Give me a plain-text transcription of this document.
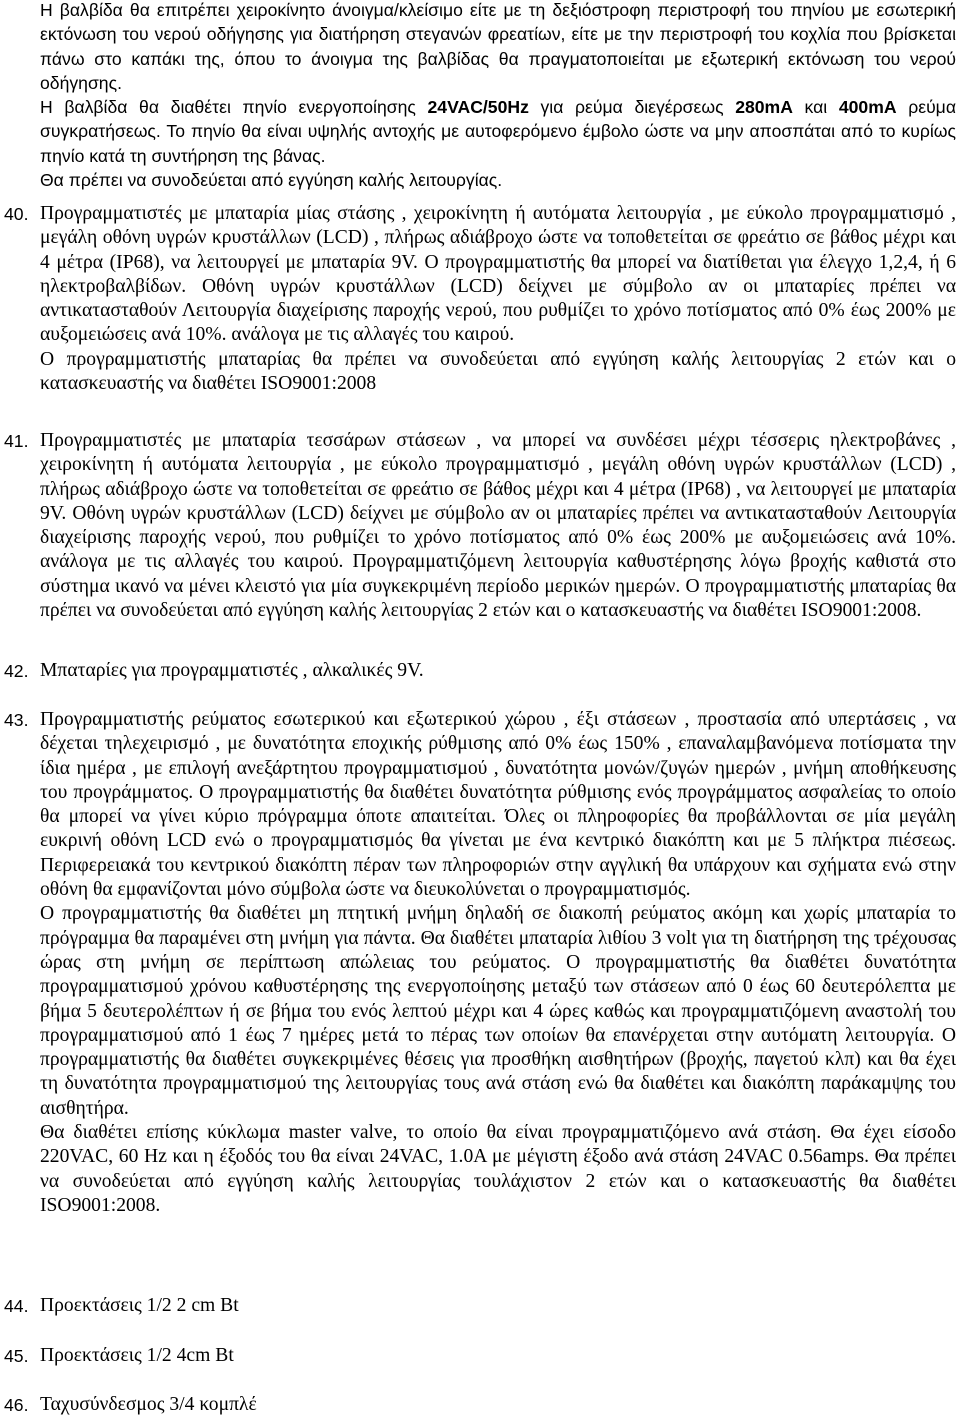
Η βαλβίδα θα επιτρέπει χειροκίνητο άνοιγμα/κλείσιμο είτε με τη δεξιόστροφη περιστροφή του πηνίου με εσωτερική εκτόνωση του νερού οδήγησης για διατήρηση στεγανών φρεατίων, είτε με την περιστροφή του κοχλία που βρίσκεται πάνω στο καπάκι της, όπου το άνοιγμα της βαλβίδας θα πραγματοποιείται με εξωτερική εκτόνωση του νερού οδήγησης.

Η βαλβίδα θα διαθέτει πηνίο ενεργοποίησης 24VAC/50Hz για ρεύμα διεγέρσεως 280mA και 400mA ρεύμα συγκρατήσεως. Το πηνίο θα είναι υψηλής αντοχής με αυτοφερόμενο έμβολο ώστε να μην αποσπάται από το κυρίως πηνίο κατά τη συντήρηση της βάνας.

Θα πρέπει να συνοδεύεται από εγγύηση καλής λειτουργίας.

40. Προγραμματιστές με μπαταρία μίας στάσης , χειροκίνητη ή αυτόματα λειτουργία , με εύκολο προγραμματισμό , μεγάλη οθόνη υγρών κρυστάλλων (LCD) , πλήρως αδιάβροχο ώστε να τοποθετείται σε φρεάτιο σε βάθος μέχρι και 4 μέτρα (IP68), να λειτουργεί με μπαταρία 9V. Ο προγραμματιστής θα μπορεί να διατίθεται για έλεγχο 1,2,4, ή 6 ηλεκτροβαλβίδων. Οθόνη υγρών κρυστάλλων (LCD) δείχνει με σύμβολο αν οι μπαταρίες πρέπει να αντικατασταθούν Λειτουργία διαχείρισης παροχής νερού, που ρυθμίζει το χρόνο ποτίσματος από 0% έως 200% με αυξομειώσεις ανά 10%. ανάλογα με τις αλλαγές του καιρού.

Ο προγραμματιστής μπαταρίας θα πρέπει να συνοδεύεται από εγγύηση καλής λειτουργίας 2 ετών και ο κατασκευαστής να διαθέτει ISO9001:2008

41. Προγραμματιστές με μπαταρία τεσσάρων στάσεων , να μπορεί να συνδέσει μέχρι τέσσερις ηλεκτροβάνες , χειροκίνητη ή αυτόματα λειτουργία , με εύκολο προγραμματισμό , μεγάλη οθόνη υγρών κρυστάλλων (LCD) , πλήρως αδιάβροχο ώστε να τοποθετείται σε φρεάτιο σε βάθος μέχρι και 4 μέτρα (IP68) , να λειτουργεί με μπαταρία 9V. Οθόνη υγρών κρυστάλλων (LCD) δείχνει με σύμβολο αν οι μπαταρίες πρέπει να αντικατασταθούν Λειτουργία διαχείρισης παροχής νερού, που ρυθμίζει το χρόνο ποτίσματος από 0% έως 200% με αυξομειώσεις ανά 10%. ανάλογα με τις αλλαγές του καιρού. Προγραμματιζόμενη λειτουργία καθυστέρησης λόγω βροχής καθιστά στο σύστημα ικανό να μένει κλειστό για μία συγκεκριμένη περίοδο μερικών ημερών. Ο προγραμματιστής μπαταρίας θα πρέπει να συνοδεύεται από εγγύηση καλής λειτουργίας 2 ετών και ο κατασκευαστής να διαθέτει ISO9001:2008.

42. Μπαταρίες για προγραμματιστές , αλκαλικές 9V.

43. Προγραμματιστής ρεύματος εσωτερικού και εξωτερικού χώρου , έξι στάσεων , προστασία από υπερτάσεις , να δέχεται τηλεχειρισμό , με δυνατότητα εποχικής ρύθμισης από 0% έως 150% , επαναλαμβανόμενα ποτίσματα την ίδια ημέρα , με επιλογή ανεξάρτητου προγραμματισμού , δυνατότητα μονών/ζυγών ημερών , μνήμη αποθήκευσης του προγράμματος. Ο προγραμματιστής θα διαθέτει δυνατότητα ρύθμισης ενός προγράμματος ασφαλείας το οποίο θα μπορεί να γίνει κύριο πρόγραμμα όποτε απαιτείται. Όλες οι πληροφορίες θα προβάλλονται σε μία μεγάλη ευκρινή οθόνη LCD ενώ ο προγραμματισμός θα γίνεται με ένα κεντρικό διακόπτη και με 5 πλήκτρα πιέσεως. Περιφερειακά του κεντρικού διακόπτη πέραν των πληροφοριών στην αγγλική θα υπάρχουν και σχήματα ενώ στην οθόνη θα εμφανίζονται μόνο σύμβολα ώστε να διευκολύνεται ο προγραμματισμός.

Ο προγραμματιστής θα διαθέτει μη πτητική μνήμη δηλαδή σε διακοπή ρεύματος ακόμη και χωρίς μπαταρία το πρόγραμμα θα παραμένει στη μνήμη για πάντα. Θα διαθέτει μπαταρία λιθίου 3 volt για τη διατήρηση της τρέχουσας ώρας στη μνήμη σε περίπτωση απώλειας του ρεύματος. Ο προγραμματιστής θα διαθέτει δυνατότητα προγραμματισμού χρόνου καθυστέρησης της ενεργοποίησης μεταξύ των στάσεων από 0 έως 60 δευτερόλεπτα με βήμα 5 δευτερολέπτων ή σε βήμα του ενός λεπτού μέχρι και 4 ώρες καθώς και προγραμματιζόμενη αναστολή του προγραμματισμού από 1 έως 7 ημέρες μετά το πέρας των οποίων θα επανέρχεται στην αυτόματη λειτουργία. Ο προγραμματιστής θα διαθέτει συγκεκριμένες θέσεις για προσθήκη αισθητήρων (βροχής, παγετού κλπ) και θα έχει τη δυνατότητα προγραμματισμού της λειτουργίας τους ανά στάση ενώ θα διαθέτει και διακόπτη παράκαμψης του αισθητήρα.

Θα διαθέτει επίσης κύκλωμα master valve, το οποίο θα είναι προγραμματιζόμενο ανά στάση. Θα έχει είσοδο 220VAC, 60 Hz και η έξοδός του θα είναι 24VAC, 1.0A με μέγιστη έξοδο ανά στάση 24VAC 0.56amps. Θα πρέπει να συνοδεύεται από εγγύηση καλής λειτουργίας τουλάχιστον 2 ετών και ο κατασκευαστής θα διαθέτει ISO9001:2008.

44. Προεκτάσεις 1/2 2 cm Bt

45. Προεκτάσεις 1/2 4cm Bt

46. Ταχυσύνδεσμος 3/4 κομπλέ
